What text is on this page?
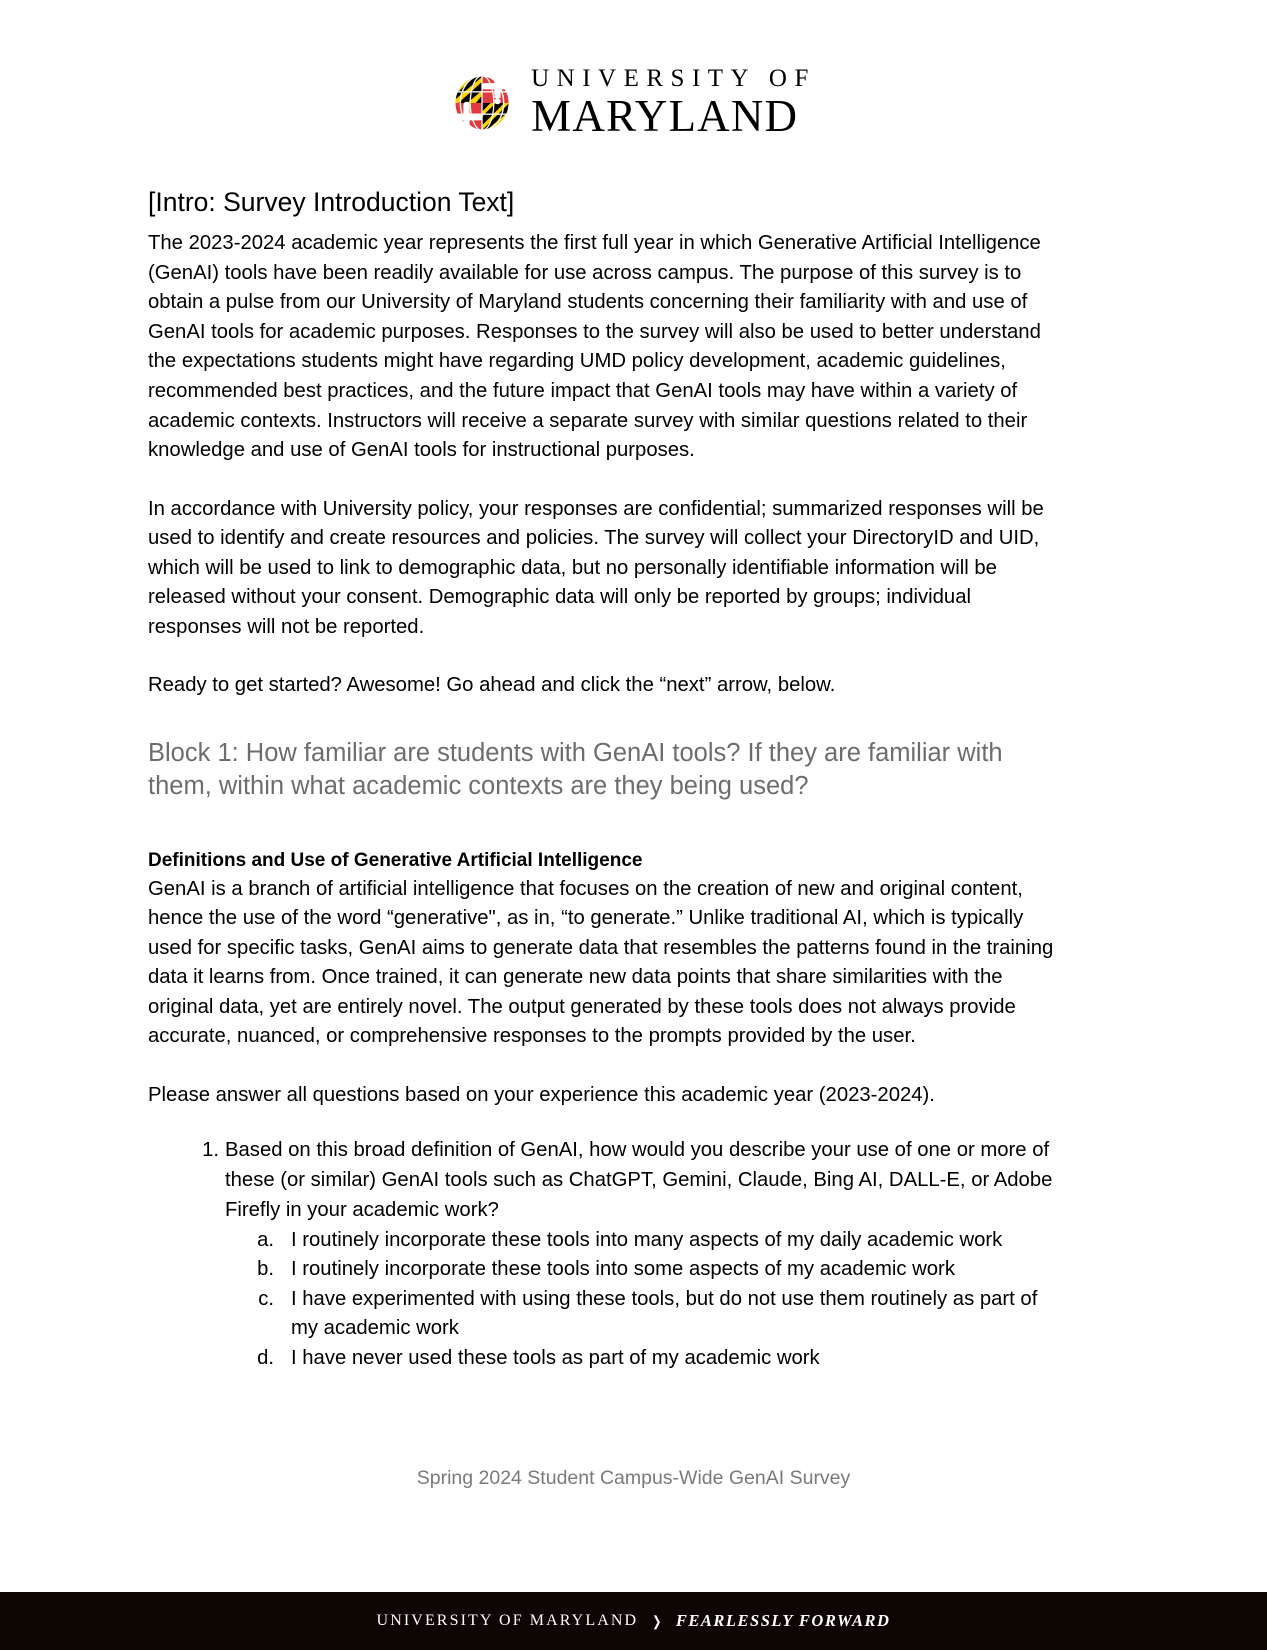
UNIVERSITY OF
MARYLAND
[Intro: Survey Introduction Text]

The 2023-2024 academic year represents the first full year in which Generative Artificial Intelligence (GenAI) tools have been readily available for use across campus. The purpose of this survey is to obtain a pulse from our University of Maryland students concerning their familiarity with and use of GenAI tools for academic purposes. Responses to the survey will also be used to better understand the expectations students might have regarding UMD policy development, academic guidelines, recommended best practices, and the future impact that GenAI tools may have within a variety of academic contexts. Instructors will receive a separate survey with similar questions related to their knowledge and use of GenAI tools for instructional purposes.

In accordance with University policy, your responses are confidential; summarized responses will be used to identify and create resources and policies. The survey will collect your DirectoryID and UID, which will be used to link to demographic data, but no personally identifiable information will be released without your consent. Demographic data will only be reported by groups; individual responses will not be reported.

Ready to get started? Awesome! Go ahead and click the “next” arrow, below.

Block 1: How familiar are students with GenAI tools? If they are familiar with them, within what academic contexts are they being used?
Definitions and Use of Generative Artificial Intelligence

GenAI is a branch of artificial intelligence that focuses on the creation of new and original content, hence the use of the word “generative", as in, “to generate.” Unlike traditional AI, which is typically used for specific tasks, GenAI aims to generate data that resembles the patterns found in the training data it learns from. Once trained, it can generate new data points that share similarities with the original data, yet are entirely novel. The output generated by these tools does not always provide accurate, nuanced, or comprehensive responses to the prompts provided by the user.

Please answer all questions based on your experience this academic year (2023-2024).

1. Based on this broad definition of GenAI, how would you describe your use of one or more of these (or similar) GenAI tools such as ChatGPT, Gemini, Claude, Bing AI, DALL-E, or Adobe Firefly in your academic work?
a. I routinely incorporate these tools into many aspects of my daily academic work
b. I routinely incorporate these tools into some aspects of my academic work
c. I have experimented with using these tools, but do not use them routinely as part of my academic work
d. I have never used these tools as part of my academic work
Spring 2024 Student Campus-Wide GenAI Survey
UNIVERSITY OF MARYLAND ❯ FEARLESSLY FORWARD
